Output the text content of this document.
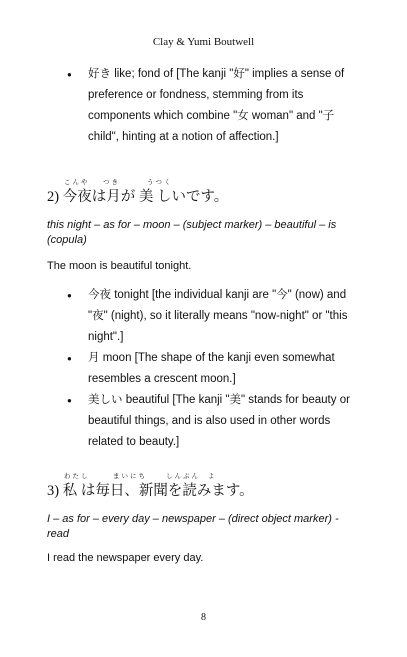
Clay & Yumi Boutwell
● 好き like; fond of [The kanji "好" implies a sense of preference or fondness, stemming from its components which combine "女 woman" and "子 child", hinting at a notion of affection.]
こんや つき	うつく
2) 今夜は月が 美 しいです。
this night – as for – moon – (subject marker) – beautiful – is (copula)
The moon is beautiful tonight.
● 今夜 tonight [the individual kanji are "今" (now) and "夜" (night), so it literally means "now-night" or "this night".]
● 月 moon [The shape of the kanji even somewhat resembles a crescent moon.]
● 美しい beautiful [The kanji "美" stands for beauty or beautiful things, and is also used in other words related to beauty.]
わたし	まいにち	しんぶん よ
3) 私 は毎日、新聞を読みます。
I – as for – every day – newspaper – (direct object marker) - read
I read the newspaper every day.
8
